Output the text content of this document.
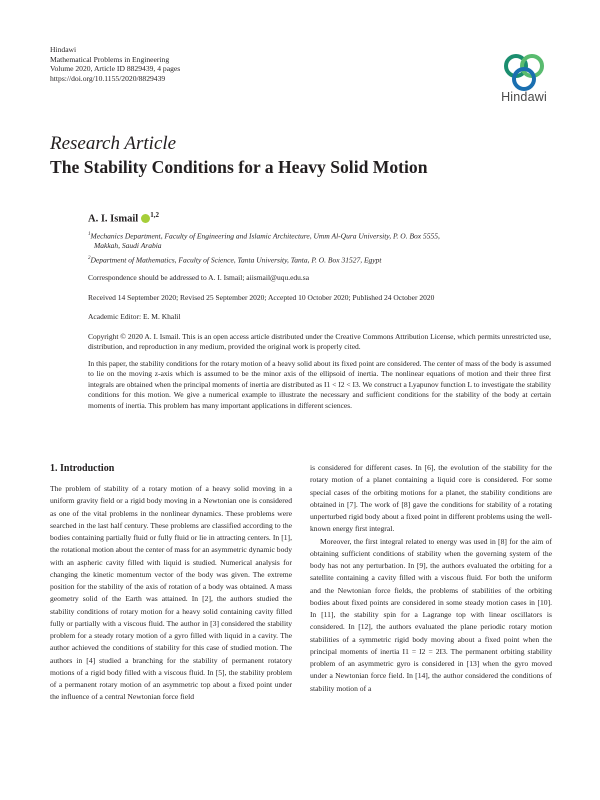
Hindawi
Mathematical Problems in Engineering
Volume 2020, Article ID 8829439, 4 pages
https://doi.org/10.1155/2020/8829439
Hindawi
Research Article
The Stability Conditions for a Heavy Solid Motion
A. I. Ismail $^{1,2}$
$^1$Mechanics Department, Faculty of Engineering and Islamic Architecture, Umm Al-Qura University, P. O. Box 5555,
Makkah, Saudi Arabia
$^2$Department of Mathematics, Faculty of Science, Tanta University, Tanta, P. O. Box 31527, Egypt
Correspondence should be addressed to A. I. Ismail; aiismail@uqu.edu.sa
Received 14 September 2020; Revised 25 September 2020; Accepted 10 October 2020; Published 24 October 2020
Academic Editor: E. M. Khalil
Copyright © 2020 A. I. Ismail. This is an open access article distributed under the Creative Commons Attribution License, which permits unrestricted use, distribution, and reproduction in any medium, provided the original work is properly cited.
In this paper, the stability conditions for the rotary motion of a heavy solid about its fixed point are considered. The center of mass of the body is assumed to lie on the moving z-axis which is assumed to be the minor axis of the ellipsoid of inertia. The nonlinear equations of motion and their three first integrals are obtained when the principal moments of inertia are distributed as I1 < I2 < I3. We construct a Lyapunov function L to investigate the stability conditions for this motion. We give a numerical example to illustrate the necessary and sufficient conditions for the stability of the body at certain moments of inertia. This problem has many important applications in different sciences.
1. Introduction

The problem of stability of a rotary motion of a heavy solid moving in a uniform gravity field or a rigid body moving in a Newtonian one is considered as one of the vital problems in the nonlinear dynamics. These problems were searched in the last half century. These problems are classified according to the bodies containing partially fluid or fully fluid or lie in attracting centers. In [1], the rotational motion about the center of mass for an asymmetric dynamic body with an aspheric cavity filled with liquid is studied. Numerical analysis for changing the kinetic momentum vector of the body was given. The extreme position for the stability of the axis of rotation of a body was obtained. A mass geometry solid of the Earth was attained. In [2], the authors studied the stability conditions of rotary motion for a heavy solid containing cavity filled fully or partially with a viscous fluid. The author in [3] considered the stability problem for a steady rotary motion of a gyro filled with liquid in a cavity. The author achieved the conditions of stability for this case of studied motion. The authors in [4] studied a branching for the stability of permanent rotatory motions of a rigid body filled with a viscous fluid. In [5], the stability problem of a permanent rotary motion of an asymmetric top about a fixed point under the influence of a central Newtonian force field

is considered for different cases. In [6], the evolution of the stability for the rotary motion of a planet containing a liquid core is considered. For some special cases of the orbiting motions for a planet, the stability conditions are obtained in [7]. The work of [8] gave the conditions for stability of a rotating unperturbed rigid body about a fixed point in different problems using the well-known energy first integral.

Moreover, the first integral related to energy was used in [8] for the aim of obtaining sufficient conditions of stability when the governing system of the body has not any perturbation. In [9], the authors evaluated the orbiting for a satellite containing a cavity filled with a viscous fluid. For both the uniform and the Newtonian force fields, the problems of stabilities of the orbiting bodies about fixed points are considered in some steady motion cases in [10]. In [11], the stability spin for a Lagrange top with linear oscillators is considered. In [12], the authors evaluated the plane periodic rotary motion stabilities of a symmetric rigid body moving about a fixed point when the principal moments of inertia I1 = I2 = 2I3. The permanent orbiting stability problem of an asymmetric gyro is considered in [13] when the gyro moved under a Newtonian force field. In [14], the author considered the conditions of stability motion of a
